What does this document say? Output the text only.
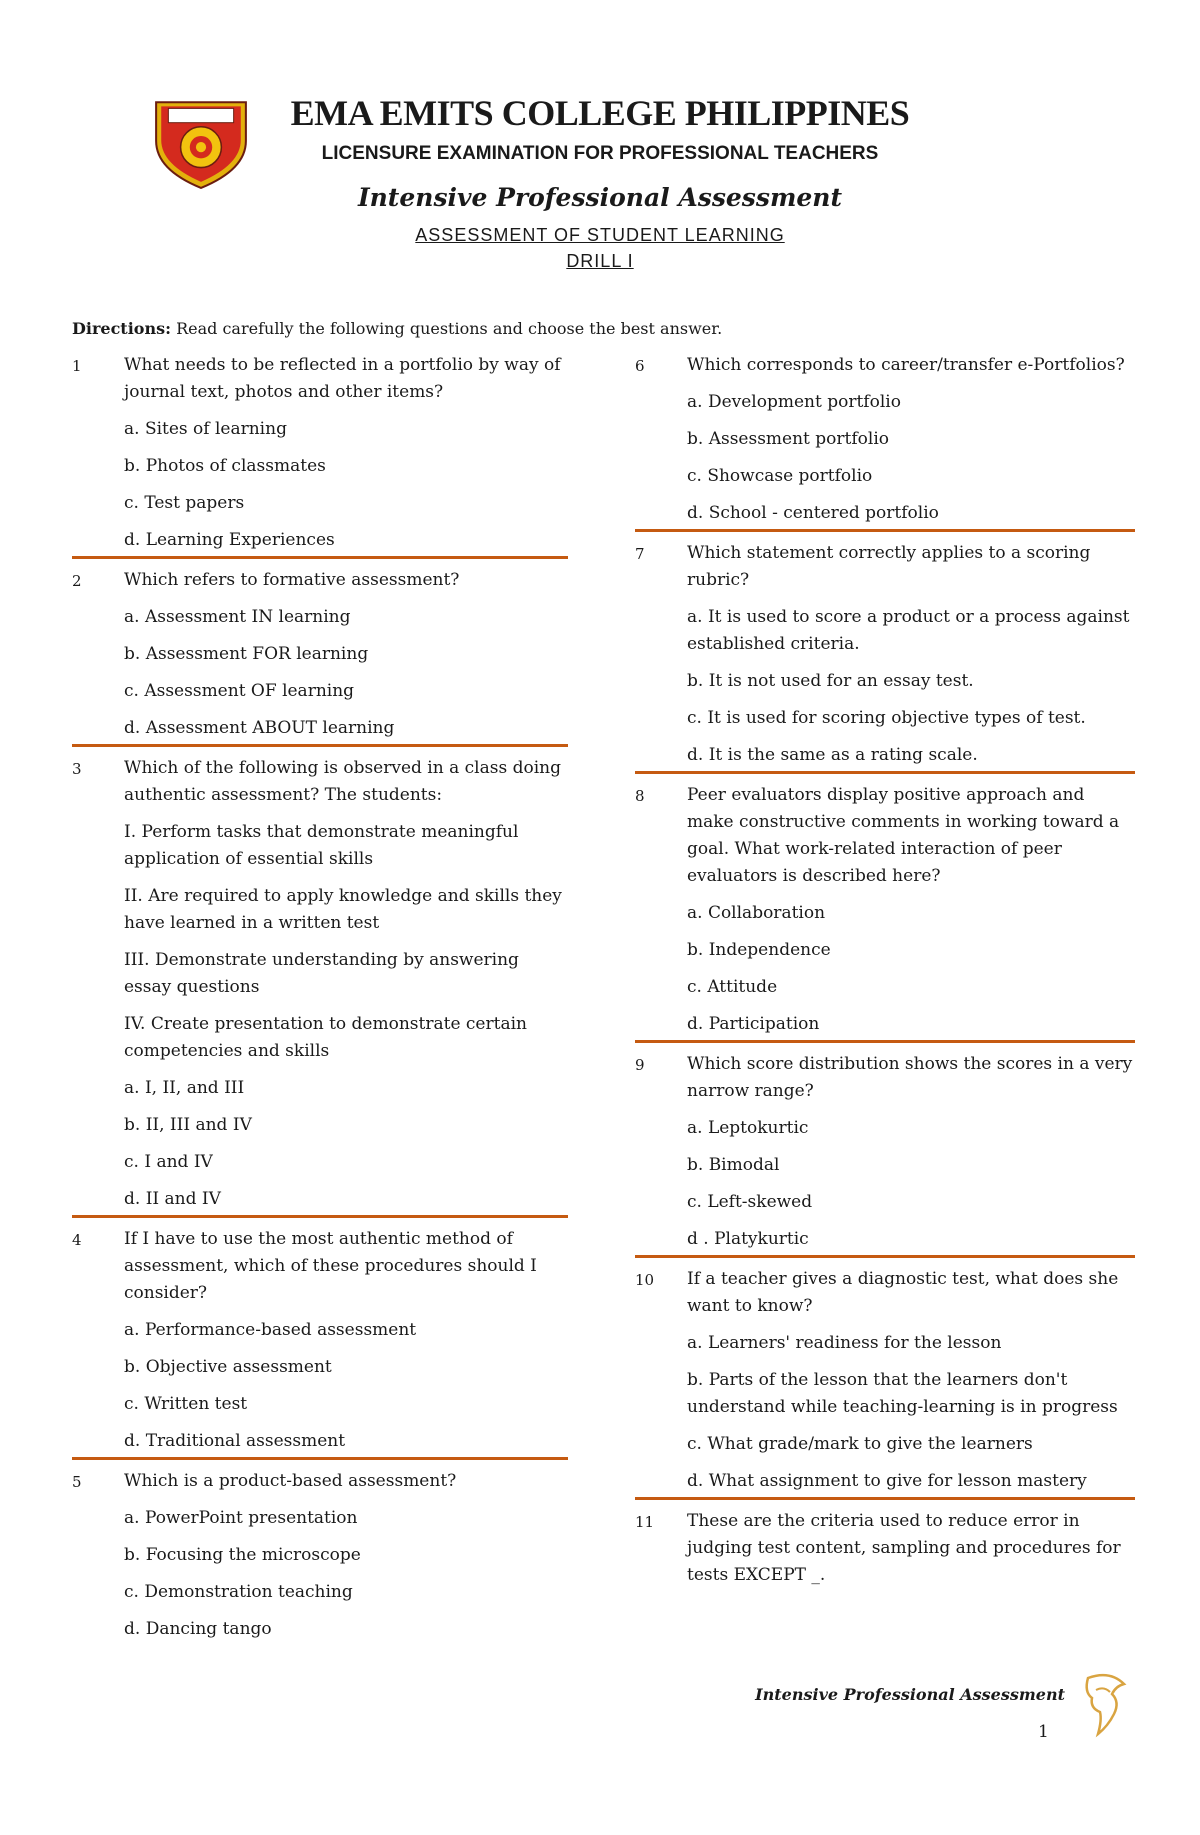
EMA EMITS COLLEGE PHILIPPINES
LICENSURE EXAMINATION FOR PROFESSIONAL TEACHERS
Intensive Professional Assessment
ASSESSMENT OF STUDENT LEARNING
DRILL I
Directions: Read carefully the following questions and choose the best answer.
1	What needs to be reflected in a portfolio by way of journal text, photos and other items?
a. Sites of learning
b. Photos of classmates
c. Test papers
d. Learning Experiences
2	Which refers to formative assessment?
a. Assessment IN learning
b. Assessment FOR learning
c. Assessment OF learning
d. Assessment ABOUT learning
3	Which of the following is observed in a class doing authentic assessment? The students:
I. Perform tasks that demonstrate meaningful application of essential skills
II. Are required to apply knowledge and skills they have learned in a written test
III. Demonstrate understanding by answering essay questions
IV. Create presentation to demonstrate certain competencies and skills
a. I, II, and III
b. II, III and IV
c. I and IV
d. II and IV
4	If I have to use the most authentic method of assessment, which of these procedures should I consider?
a. Performance-based assessment
b. Objective assessment
c. Written test
d. Traditional assessment
5	Which is a product-based assessment?
a. PowerPoint presentation
b. Focusing the microscope
c. Demonstration teaching
d. Dancing tango
6	Which corresponds to career/transfer e-Portfolios?
a. Development portfolio
b. Assessment portfolio
c. Showcase portfolio
d. School - centered portfolio
7	Which statement correctly applies to a scoring rubric?
a. It is used to score a product or a process against established criteria.
b. It is not used for an essay test.
c. It is used for scoring objective types of test.
d. It is the same as a rating scale.
8	Peer evaluators display positive approach and make constructive comments in working toward a goal. What work-related interaction of peer evaluators is described here?
a. Collaboration
b. Independence
c. Attitude
d. Participation
9	Which score distribution shows the scores in a very narrow range?
a. Leptokurtic
b. Bimodal
c. Left-skewed
d . Platykurtic
10	If a teacher gives a diagnostic test, what does she want to know?
a. Learners' readiness for the lesson
b. Parts of the lesson that the learners don't understand while teaching-learning is in progress
c. What grade/mark to give the learners
d. What assignment to give for lesson mastery
11	These are the criteria used to reduce error in judging test content, sampling and procedures for tests EXCEPT _.
Intensive Professional Assessment
1
